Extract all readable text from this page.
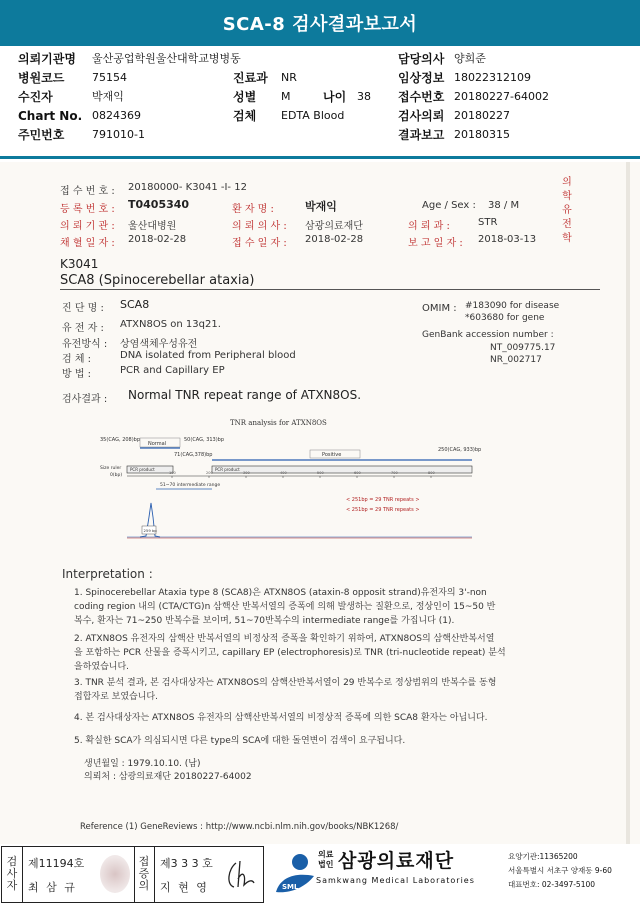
SCA-8 검사결과보고서
의뢰기관명 울산공업학원울산대학교병병동	담당의사 양희준
병원코드	75154	진료과 NR	임상정보 18022312109
수진자	박재익	성별 M	나이 38 접수번호 20180227-64002
Chart No. 0824369	검체 EDTA Blood	검사의뢰 20180227
주민번호	791010-1	결과보고 20180315
접 수 번 호 : 20180000- K3041 -I- 12
등 록 번 호 : T0405340	환 자 명 :	박재익	Age / Sex : 38 / M
의 뢰 기 관 : 울산대병원	의 뢰 의 사 : 삼광의료재단	의 뢰 과 :	STR
채 혈 일 자 : 2018-02-28	접 수 일 자 : 2018-02-28	보 고 일 자 : 2018-03-13
의
학
유
전
학
K3041
SCA8 (Spinocerebellar ataxia)
진 단 명 : SCA8
유 전 자 : ATXN8OS on 13q21.
유전방식 : 상염색체우성유전
검 체 :	DNA isolated from Peripheral blood
방 법 :	PCR and Capillary EP
OMIM : #183090 for disease
*603680 for gene
GenBank accession number :
NT_009775.17
NR_002717
검사결과 : Normal TNR repeat range of ATXN8OS.
TNR analysis for ATXN8OS
35(CAG, 208)bp
Normal
50(CAG, 313)bp
71(CAG,378)bp
250(CAG, 933)bp
Positive
Size ruler
0(bp)
PCR product	PCR product
100	200	300	400	500	600	700	800
51~70 intermediate range
< 251bp = 29 TNR repeats >
< 251bp = 29 TNR repeats >
259 bp
Interpretation :
1. Spinocerebellar Ataxia type 8 (SCA8)은 ATXN8OS (ataxin-8 opposit strand)유전자의 3'-non
coding region 내의 (CTA/CTG)n 삼핵산 반복서열의 증폭에 의해 발생하는 질환으로, 정상인이 15~50 반
복수, 환자는 71~250 반복수를 보이며, 51~70반복수의 intermediate range를 가집니다 (1).
2. ATXN8OS 유전자의 삼핵산 반복서열의 비정상적 증폭을 확인하기 위하여, ATXN8OS의 삼핵산반복서열
을 포함하는 PCR 산물을 증폭시키고, capillary EP (electrophoresis)로 TNR (tri-nucleotide repeat) 분석
을하였습니다.
3. TNR 분석 결과, 본 검사대상자는 ATXN8OS의 삼핵산반복서열이 29 반복수로 정상범위의 반복수를 동형
접합자로 보였습니다.
4. 본 검사대상자는 ATXN8OS 유전자의 삼핵산반복서열의 비정상적 증폭에 의한 SCA8 환자는 아닙니다.
5. 확실한 SCA가 의심되시면 다른 type의 SCA에 대한 돌연변이 검색이 요구됩니다.
생년월일 : 1979.10.10. (남)
의뢰처 : 삼광의료재단 20180227-64002
Reference (1) GeneReviews : http://www.ncbi.nlm.nih.gov/books/NBK1268/
검
사
자
제11194호
최 삼 규
접
증
의
제3 3 3 호
지 현 영	SML
의료
법인 삼광의료재단
Samkwang Medical Laboratories
요양기관:11365200
서울특별시 서초구 양재동 9-60
대표번호: 02-3497-5100
